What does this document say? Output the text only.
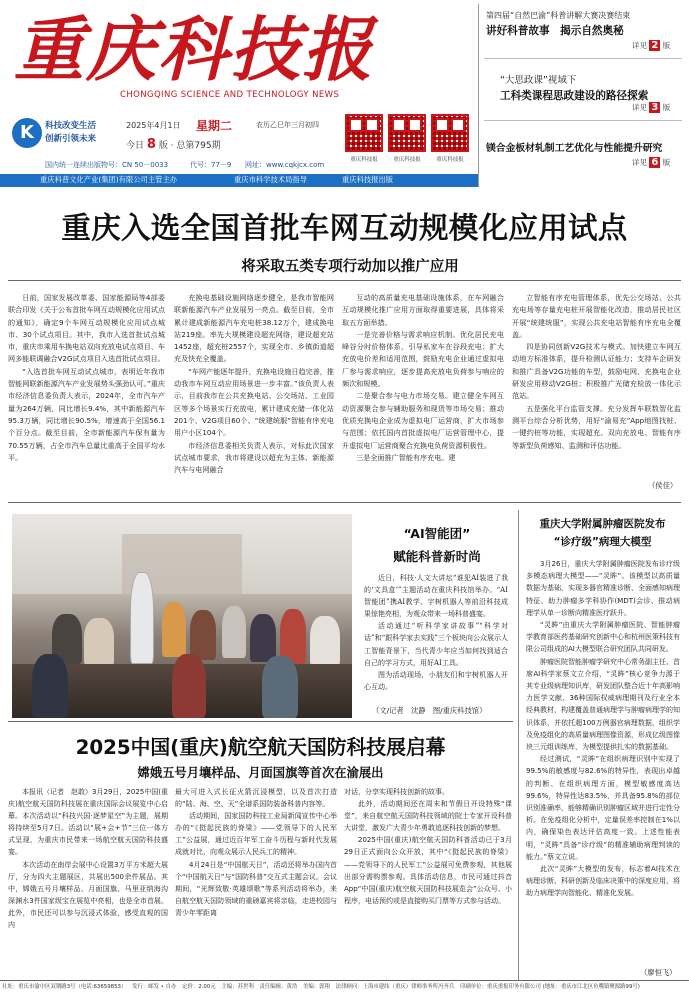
重庆科技报
CHONGQING SCIENCE AND TECHNOLOGY NEWS
K	科技改变生活
创新引领未来
2025年4月1日 星期二	农历乙巳年三月初四
今日 8 版 · 总第795期
国内统一连续出版物号：CN 50－0033	代号：77－9 网址：www.cqkjcx.com
重庆科技报	重庆科技报	重庆科技报
重庆科普文化产业(集团)有限公司主管主办	重庆市科学技术局指导	重庆科技报出版
第四届“自然巴渝”科普讲解大赛决赛结束
讲好科普故事　揭示自然奥秘
详见 2 版
“大思政课”视域下
工科类课程思政建设的路径探索
详见 3 版
镁合金板材轧制工艺优化与性能提升研究
详见 6 版
重庆入选全国首批车网互动规模化应用试点
将采取五类专项行动加以推广应用

日前，国家发展改革委、国家能源局等4部委联合印发《关于公布首批车网互动规模化应用试点的通知》，确定9个车网互动规模化应用试点城市、30个试点项目。其中，我市入选首批试点城市，重庆市乘用车换电站双向充放电试点项目、车网多能联调融合V2G试点项目入选首批试点项目。

“入选首批车网互动试点城市，表明近年我市智能网联新能源汽车产业发展势头强劲认可。”重庆市经济信息委负责人表示，2024年，全市汽车产量为264万辆，同比增长9.4%，其中新能源汽车95.3万辆，同比增长90.5%，增速高于全国56.1个百分点。截至目前，全市新能源汽车保有量为70.55万辆，占全市汽车总量比重高于全国平均水平。

充换电基础设施网络逐步健全，是我市智能网联新能源汽车产业发展另一亮点。截至目前，全市累计建成新能源汽车充电桩38.12万个，建成换电站219座。率先大规模建设超充网络，建设超充站1452座，超充桩2557个，实现全市、乡镇街道超充及快充全覆盖。

“车网产能逐年提升，充换电设施日趋完善，推动我市车网互动应用场景进一步丰富。”该负责人表示，目前我市在公共充换电站、公交场站、工业园区等多个场景实行充放电，累计建成充储一体化站201个、V2G项目60个、“统建统服”智能有序充电用户小区104个。

市经济信息委相关负责人表示，对标此次国家试点城市要求，我市将建设以超充为主体、新能源汽车与电网融合

互动的高质量充电基础设施体系，在车网融合互动规模化推广应用方面取得重要进展，具体将采取五方面举措。

一是完善价格与需求响应机制。优化居民充电峰谷分时价格体系，引导私家车在谷段充电；扩大充放电价差和适用范围，鼓励充电企业通过虚拟电厂参与需求响应，逐步提高充放电负荷参与响应的频次和规模。

二是聚合参与电力市场交易。建立健全车网互动资源聚合参与辅助服务和现货等市场交易；推动优质充换电企业成为虚拟电厂运营商，扩大市场参与范围；依托国内首批虚拟电厂运营管理中心，提升虚拟电厂运营商聚合充换电负荷资源积极性。

三是全面推广智能有序充电。建

立智能有序充电管理体系，优先公交场站、公共充电场等存量充电桩开展智能化改造，推动居民社区开展“统建统服”，实现公共充电站智能有序充电全覆盖。

四是协同创新V2G技术与模式。加快建立车网互动地方标准体系，提升检测认证能力；支持车企研发和推广具备V2G功能的车型，鼓励电网、充换电企业研发应用移动V2G桩；积极推广光储充检放一体化示范站。

五是强化平台监管支撑。充分发挥车联数智化监测平台综合分析优势，用好“渝易充”App地图找桩、一键约桩等功能，实现超充、双向充放电、智能有序等新型负荷感知、监测和评估功能。

（侯佳）
“AI智能团”
赋能科普新时尚

近日，科技·人文大讲坛“谁犯AI装进了我的‘文具盒’”主题活动在重庆科技馆举办。“AI智能团”携AI教学、宇树机器人等前沿科技成果惊艳亮相，为观众带来一场科普盛宴。

活动通过“听科学家讲故事”“科学对话”和“跟科学家去实践”三个板块向公众展示人工智能背景下，当代青少年应当如何找到适合自己的学习方式，用好AI工具。

图为活动现场，小朋友们和宇树机器人开心互动。

（文/记者　沈静　图/重庆科技馆）
重庆大学附属肿瘤医院发布
“诊疗级”病理大模型

3月26日，重庆大学附属肿瘤医院发布诊疗级多模态病理大模型——“灵眸”。该模型以高质量数据为基础，实现多器官精准诊断、全面感知病理特征、助力肿瘤多学科协作(MDT)会诊、推动病理学从单一诊断向精准医疗跃升。

“灵眸”由重庆大学附属肿瘤医院、智能肿瘤学教育部医药基础研究创新中心和杭州医策科技有限公司组成的AI大模型联合研究团队共同研发。

肿瘤医院智能肿瘤学研究中心常务副主任、首席AI科学家蔡文立介绍，“灵眸”核心竞争力源于其专业级病理知识库，研发团队整合近十年高影响力医学文献、36种国际权威病理期刊及行业全本经典教材，构建覆盖普通病理学与肿瘤病理学的知识体系，并依托超100万例器官病理数据，组织学及免疫组化的高质量病理图像资源，形成亿级图像块三元组训练库，为模型提供扎实的数据基础。

经过测试，“灵眸”在组织病理识别中实现了99.5%的敏感度与82.6%的特异性，表现出卓越的判断、在组织病理方面，模型敏感度高达99.6%，特异性达83.5%，并具备95.8%的部位识别准确率，能够精确识别肿瘤区域并进行定性分析。在免疫组化分析中，定量误差率控制在1%以内，确保染色表达评估高度一致。上述性能表明，“灵眸”具备“诊疗级”的精准辅助病理判读的能力。”蔡文立说。

此次“灵眸”大模型的发布，标志着AI技术在病理诊断、科研创新及临床决策中的深度应用，将助力病理学向智能化、精准化发展。

（廖恒飞）
2025中国(重庆)航空航天国防科技展启幕
嫦娥五号月壤样品、月面国旗等首次在渝展出

本报讯（记者　赵敢）3月29日，2025中国(重庆)航空航天国防科技展在重庆国际会议展览中心启幕。本次活动以“科技兴国·逐梦星空”为主题，展期将持续至5月7日。活动以“展+会+节”三位一体方式呈现，为重庆市民带来一场航空航天国防科技盛宴。

本次活动在南岸会展中心设置3万平方米超大展厅，分为四大主题展区，共展出500余件展品。其中，嫦娥五号月壤样品、月面国旗、马里亚纳海沟深渊水3件国家级宝在展览中亮相，也是全市首展。此外，市民还可以参与沉浸式体验，感受直观的国内

最大可进入式长征火箭沉浸模型，以及首次打造的“陆、海、空、天”全谱系国防装备科普内容等。

活动期间，国家国防科技工业局新闻宣传中心举办的“《挺起民族的脊梁》——党领导下的人民军工”公益展，通过近百年军工奋斗历程与新时代发展成就对比，向观众展示人民兵工的精神。

4月24日是“中国航天日”，活动还将举办国内首个“中国航天日”与“国防科普”交互式主题会议。会议期间，“光辉致敬·英雄颂歌”等系列活动将举办，来自航空航天国防领域的重磅嘉宾将亲临，走进校园与青少年零距离

对话，分享实现科技创新的故事。

此外，活动期间还在周末和节假日开设特殊“课堂”，来自航空航天国防科技领域的院士专家开设科普大讲堂，激发广大青少年勇敢追逐科技创新的梦想。

2025中国(重庆)航空航天国防科普活动已于3月29日正式面向公众开放，其中“《挺起民族的脊梁》——党领导下的人民军工”公益展可免费参观，其他展出部分需购票参观。具体活动信息，市民可通过抖音App“中国(重庆)航空航天国防科技展览会”公众号、小程序，电话预约或是直接购买门票等方式参与活动。

社址：重庆市渝中区双钢路3号（电话:63659853） 发行：邮发 • 自办 定价：2.00元 主编：苏世利 责任编辑：黄浩 美编：郭翔 法律顾问：上海市建纬（重庆）律师事务所冯齐兵 印刷单位：重庆重报印务有限公司 (地址：重庆市江北区鱼嘴镇聚源路99号)
